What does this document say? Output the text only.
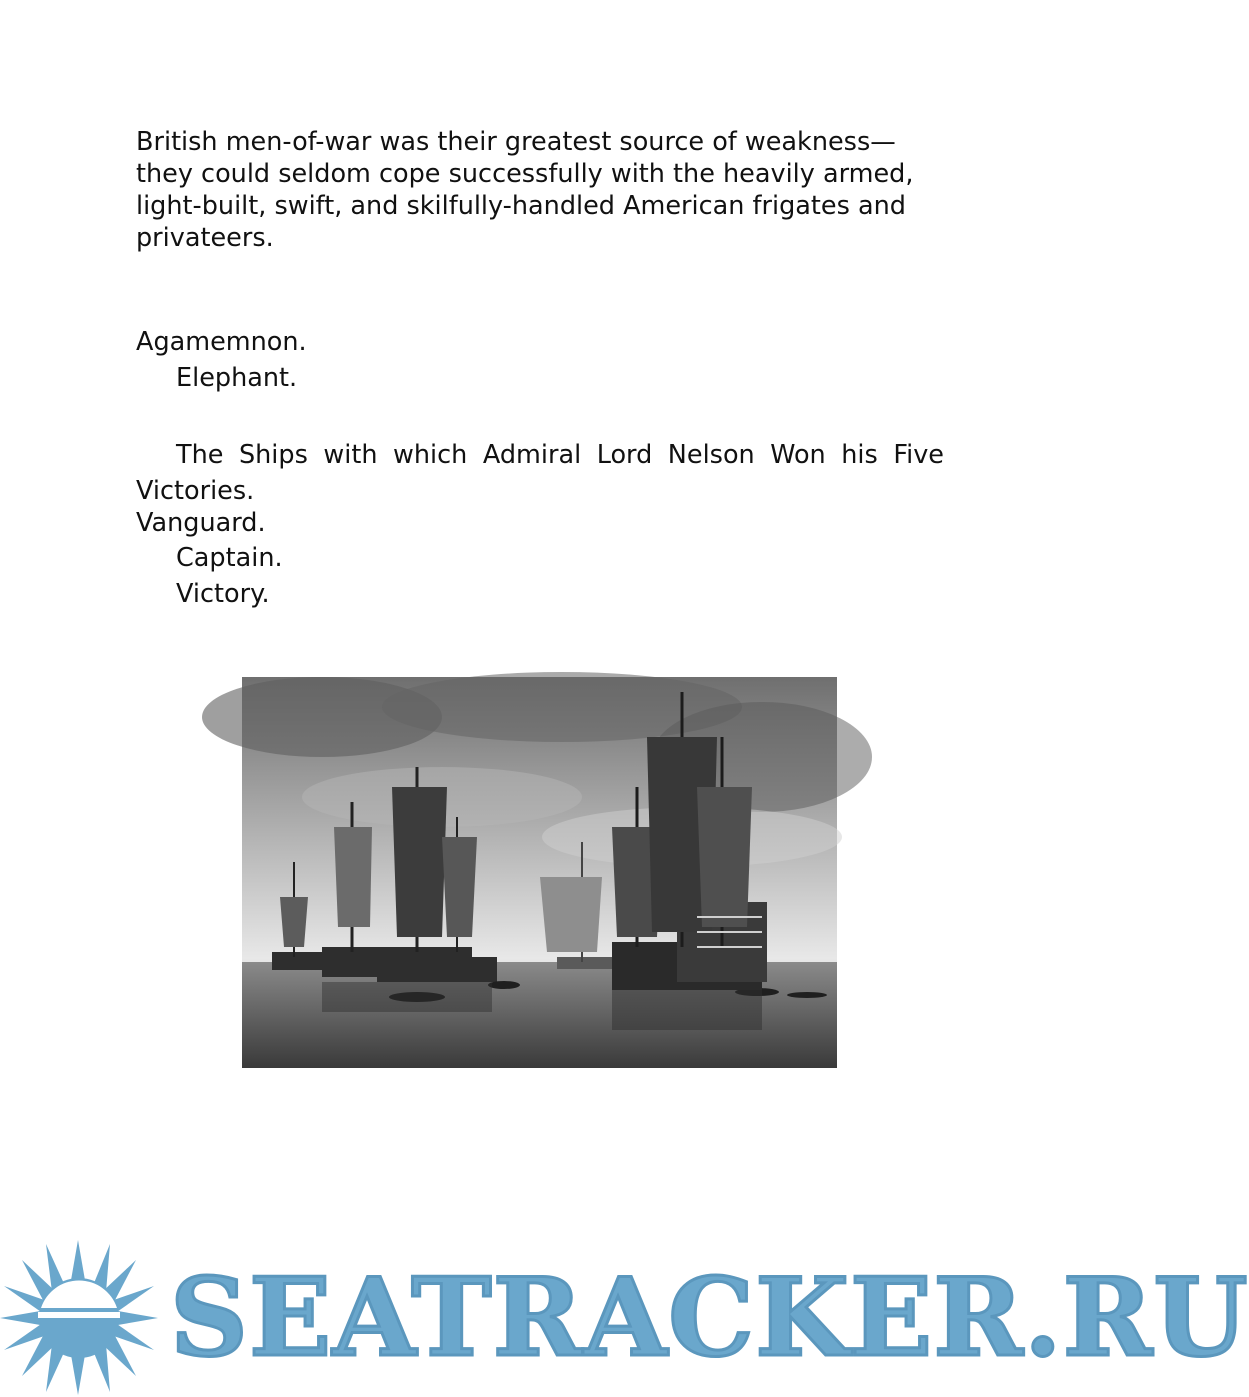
British men-of-war was their greatest source of weakness—they could seldom cope successfully with the heavily armed, light-built, swift, and skilfully-handled American frigates and privateers.

Agamemnon.

Elephant.

The Ships with which Admiral Lord Nelson Won his Five Victories.

Vanguard.

Captain.

Victory.

SEATRACKER.RU
